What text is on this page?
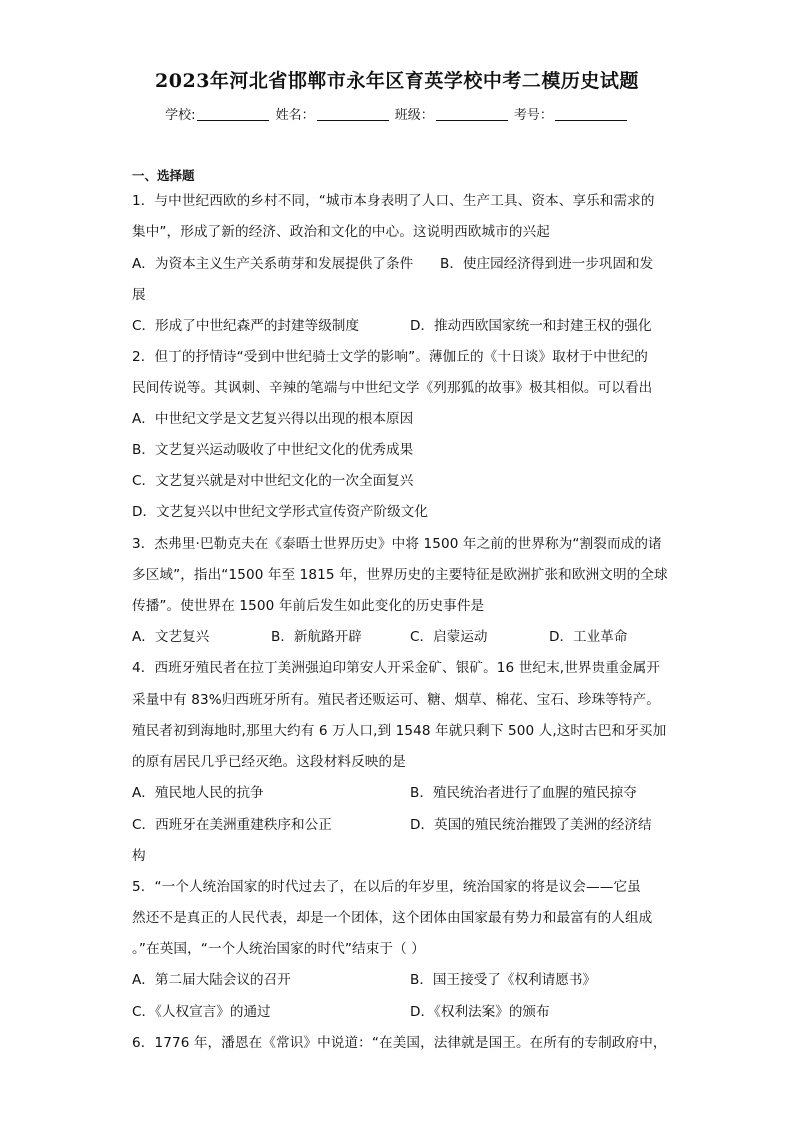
2023年河北省邯郸市永年区育英学校中考二模历史试题
学校:	姓名：	班级：	考号：
一、选择题
1．与中世纪西欧的乡村不同，“城市本身表明了人口、生产工具、资本、享乐和需求的
集中”，形成了新的经济、政治和文化的中心。这说明西欧城市的兴起
A．为资本主义生产关系萌芽和发展提供了条件 B．使庄园经济得到进一步巩固和发
展
C．形成了中世纪森严的封建等级制度	D．推动西欧国家统一和封建王权的强化
2．但丁的抒情诗“受到中世纪骑士文学的影响”。薄伽丘的《十日谈》取材于中世纪的
民间传说等。其讽刺、辛辣的笔端与中世纪文学《列那狐的故事》极其相似。可以看出
A．中世纪文学是文艺复兴得以出现的根本原因
B．文艺复兴运动吸收了中世纪文化的优秀成果
C．文艺复兴就是对中世纪文化的一次全面复兴
D．文艺复兴以中世纪文学形式宣传资产阶级文化
3．杰弗里·巴勒克夫在《泰晤士世界历史》中将 1500 年之前的世界称为“割裂而成的诸
多区域”，指出“1500 年至 1815 年，世界历史的主要特征是欧洲扩张和欧洲文明的全球
传播”。使世界在 1500 年前后发生如此变化的历史事件是
A．文艺复兴	B．新航路开辟	C．启蒙运动	D．工业革命
4．西班牙殖民者在拉丁美洲强迫印第安人开采金矿、银矿。16 世纪末,世界贵重金属开
采量中有 83%归西班牙所有。殖民者还贩运可、糖、烟草、棉花、宝石、珍珠等特产。
殖民者初到海地时,那里大约有 6 万人口,到 1548 年就只剩下 500 人,这时古巴和牙买加
的原有居民几乎已经灭绝。这段材料反映的是
A．殖民地人民的抗争	B．殖民统治者进行了血腥的殖民掠夺
C．西班牙在美洲重建秩序和公正	D．英国的殖民统治摧毁了美洲的经济结
构
5．“一个人统治国家的时代过去了，在以后的年岁里，统治国家的将是议会——它虽
然还不是真正的人民代表，却是一个团体，这个团体由国家最有势力和最富有的人组成
。”在英国，“一个人统治国家的时代”结束于（ ）
A．第二届大陆会议的召开	B．国王接受了《权利请愿书》
C．《人权宣言》的通过	D．《权利法案》的颁布
6．1776 年，潘恩在《常识》中说道：“在美国，法律就是国王。在所有的专制政府中，
